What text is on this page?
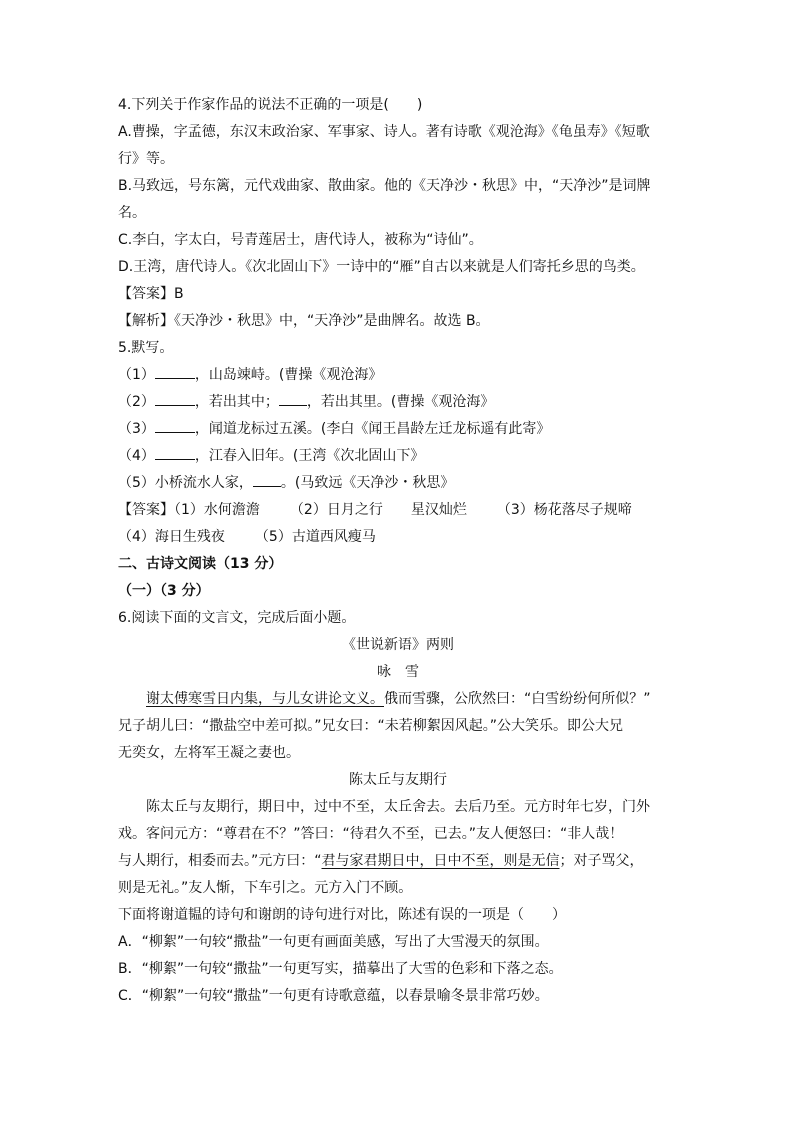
4.下列关于作家作品的说法不正确的一项是(　　)
A.曹操，字孟德，东汉末政治家、军事家、诗人。著有诗歌《观沧海》《龟虽寿》《短歌
行》等。
B.马致远，号东篱，元代戏曲家、散曲家。他的《天净沙・秋思》中，“天净沙”是词牌
名。
C.李白，字太白，号青莲居士，唐代诗人，被称为“诗仙”。
D.王湾，唐代诗人。《次北固山下》一诗中的“雁”自古以来就是人们寄托乡思的鸟类。
【答案】B
【解析】《天净沙・秋思》中，“天净沙”是曲牌名。故选 B。
5.默写。
（1）	，山岛竦峙。(曹操《观沧海》
（2）	，若出其中； ，若出其里。(曹操《观沧海》
（3）	，闻道龙标过五溪。(李白《闻王昌龄左迁龙标遥有此寄》
（4）	，江春入旧年。(王湾《次北固山下》
（5）小桥流水人家， 。(马致远《天净沙・秋思》
【答案】（1）水何澹澹 （2）日月之行 星汉灿烂 （3）杨花落尽子规啼
（4）海日生残夜 （5）古道西风瘦马
二、古诗文阅读（13 分）
（一）（3 分）
6.阅读下面的文言文，完成后面小题。
《世说新语》两则
咏　雪
谢太傅寒雪日内集，与儿女讲论文义。俄而雪骤，公欣然曰：“白雪纷纷何所似？”
兄子胡儿曰：“撒盐空中差可拟。”兄女曰：“未若柳絮因风起。”公大笑乐。即公大兄
无奕女，左将军王凝之妻也。
陈太丘与友期行
陈太丘与友期行，期日中，过中不至，太丘舍去。去后乃至。元方时年七岁，门外
戏。客问元方：“尊君在不？”答曰：“待君久不至，已去。”友人便怒曰：“非人哉！
与人期行，相委而去。”元方曰：“君与家君期日中，日中不至，则是无信；对子骂父，
则是无礼。”友人惭，下车引之。元方入门不顾。
下面将谢道韫的诗句和谢朗的诗句进行对比，陈述有误的一项是（　　）
A．“柳絮”一句较“撒盐”一句更有画面美感，写出了大雪漫天的氛围。
B．“柳絮”一句较“撒盐”一句更写实，描摹出了大雪的色彩和下落之态。
C．“柳絮”一句较“撒盐”一句更有诗歌意蕴，以春景喻冬景非常巧妙。
